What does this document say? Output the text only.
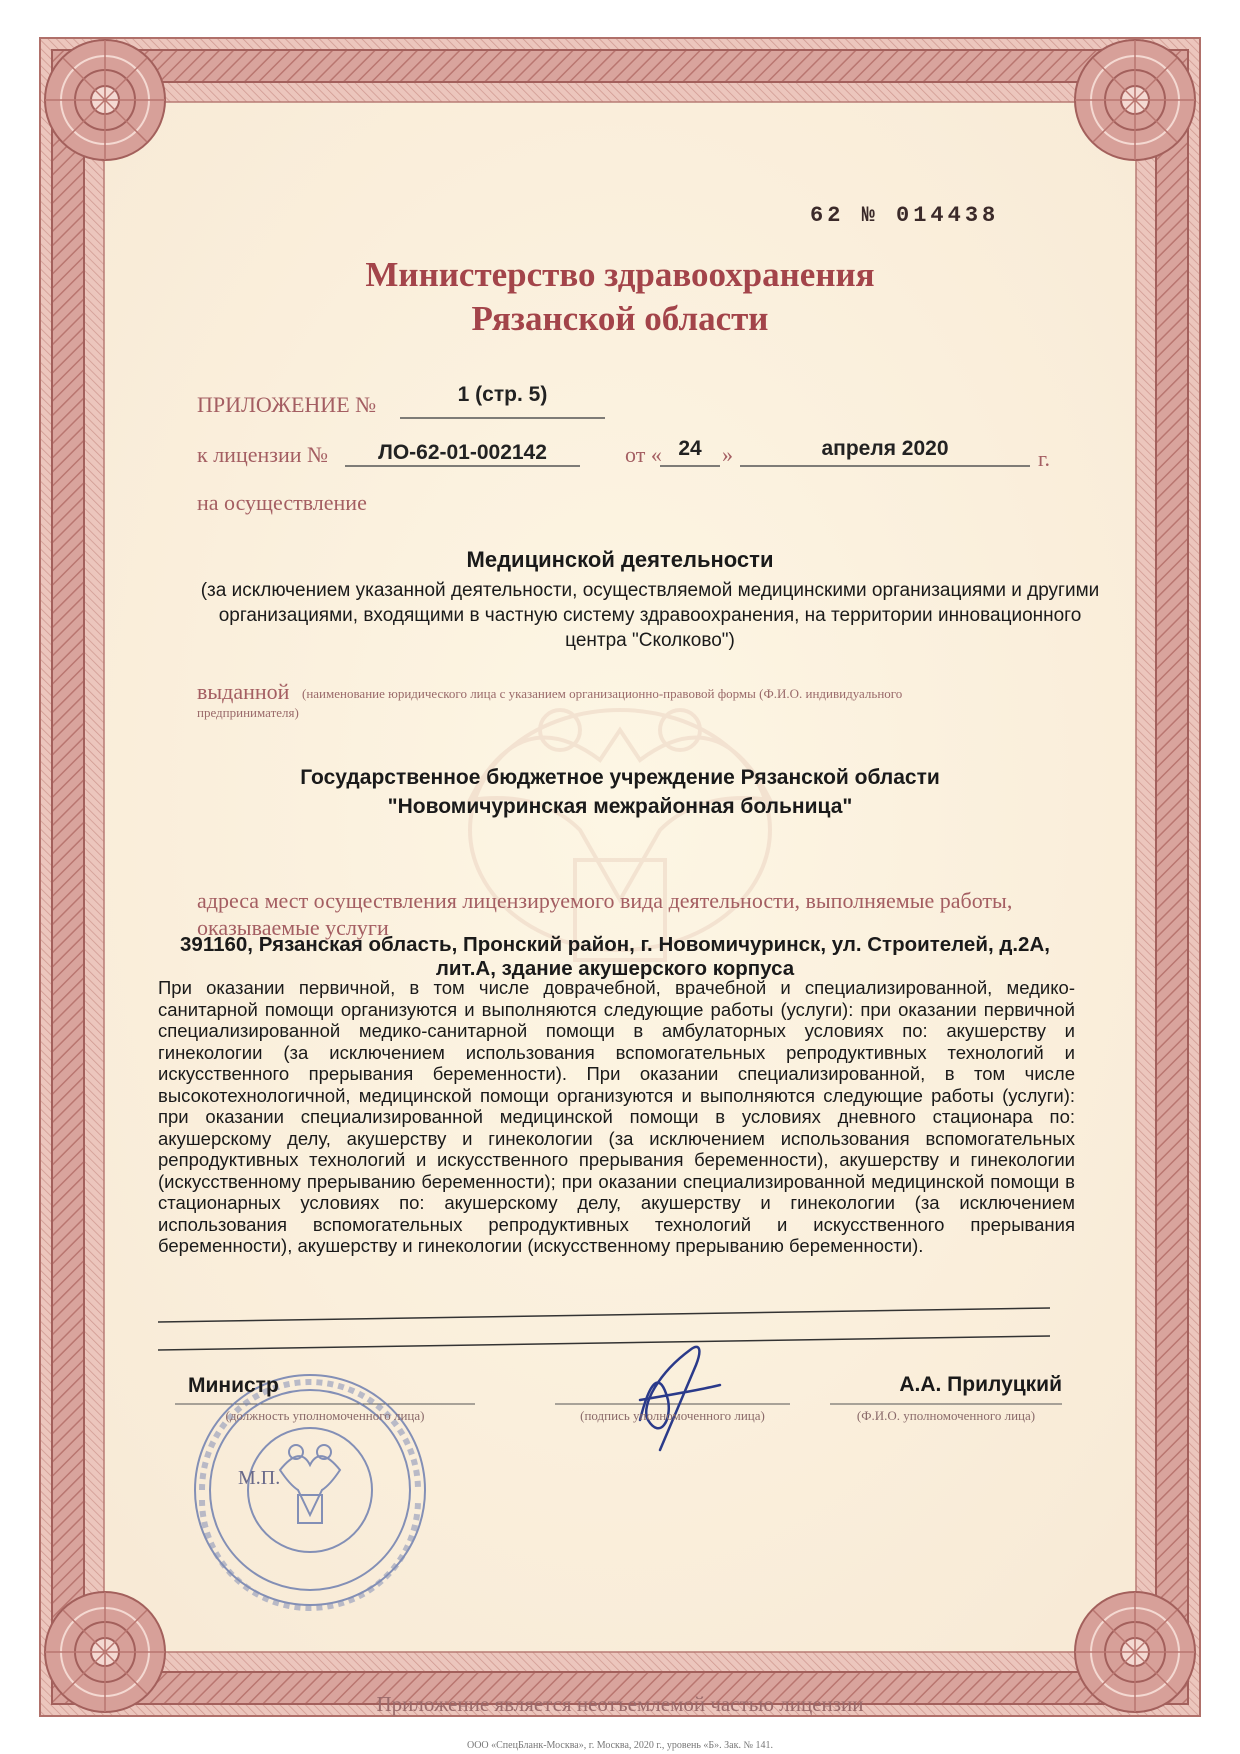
62 № 014438
Министерство здравоохранения
Рязанской области
ПРИЛОЖЕНИЕ №	1 (стр. 5)
к лицензии №	ЛО-62-01-002142	от « 24 »	апреля 2020	г.
на осуществление
Медицинской деятельности
(за исключением указанной деятельности, осуществляемой медицинскими организациями и другими организациями, входящими в частную систему здравоохранения, на территории инновационного центра "Сколково")
выданной (наименование юридического лица с указанием организационно-правовой формы (Ф.И.О. индивидуального
предпринимателя)
Государственное бюджетное учреждение Рязанской области
"Новомичуринская межрайонная больница"
адреса мест осуществления лицензируемого вида деятельности, выполняемые работы,
оказываемые услуги
391160, Рязанская область, Пронский район, г. Новомичуринск, ул. Строителей, д.2А,
лит.А, здание акушерского корпуса
При оказании первичной, в том числе доврачебной, врачебной и специализированной, медико-санитарной помощи организуются и выполняются следующие работы (услуги): при оказании первичной специализированной медико-санитарной помощи в амбулаторных условиях по: акушерству и гинекологии (за исключением использования вспомогательных репродуктивных технологий и искусственного прерывания беременности). При оказании специализированной, в том числе высокотехнологичной, медицинской помощи организуются и выполняются следующие работы (услуги): при оказании специализированной медицинской помощи в условиях дневного стационара по: акушерскому делу, акушерству и гинекологии (за исключением использования вспомогательных репродуктивных технологий и искусственного прерывания беременности), акушерству и гинекологии (искусственному прерыванию беременности); при оказании специализированной медицинской помощи в стационарных условиях по: акушерскому делу, акушерству и гинекологии (за исключением использования вспомогательных репродуктивных технологий и искусственного прерывания беременности), акушерству и гинекологии (искусственному прерыванию беременности).
Министр
(должность уполномоченного лица)	(подпись уполномоченного лица)
А.А. Прилуцкий
(Ф.И.О. уполномоченного лица)
М.П.
Приложение является неотъемлемой частью лицензии
ООО «СпецБланк-Москва», г. Москва, 2020 г., уровень «Б». Зак. № 141.
